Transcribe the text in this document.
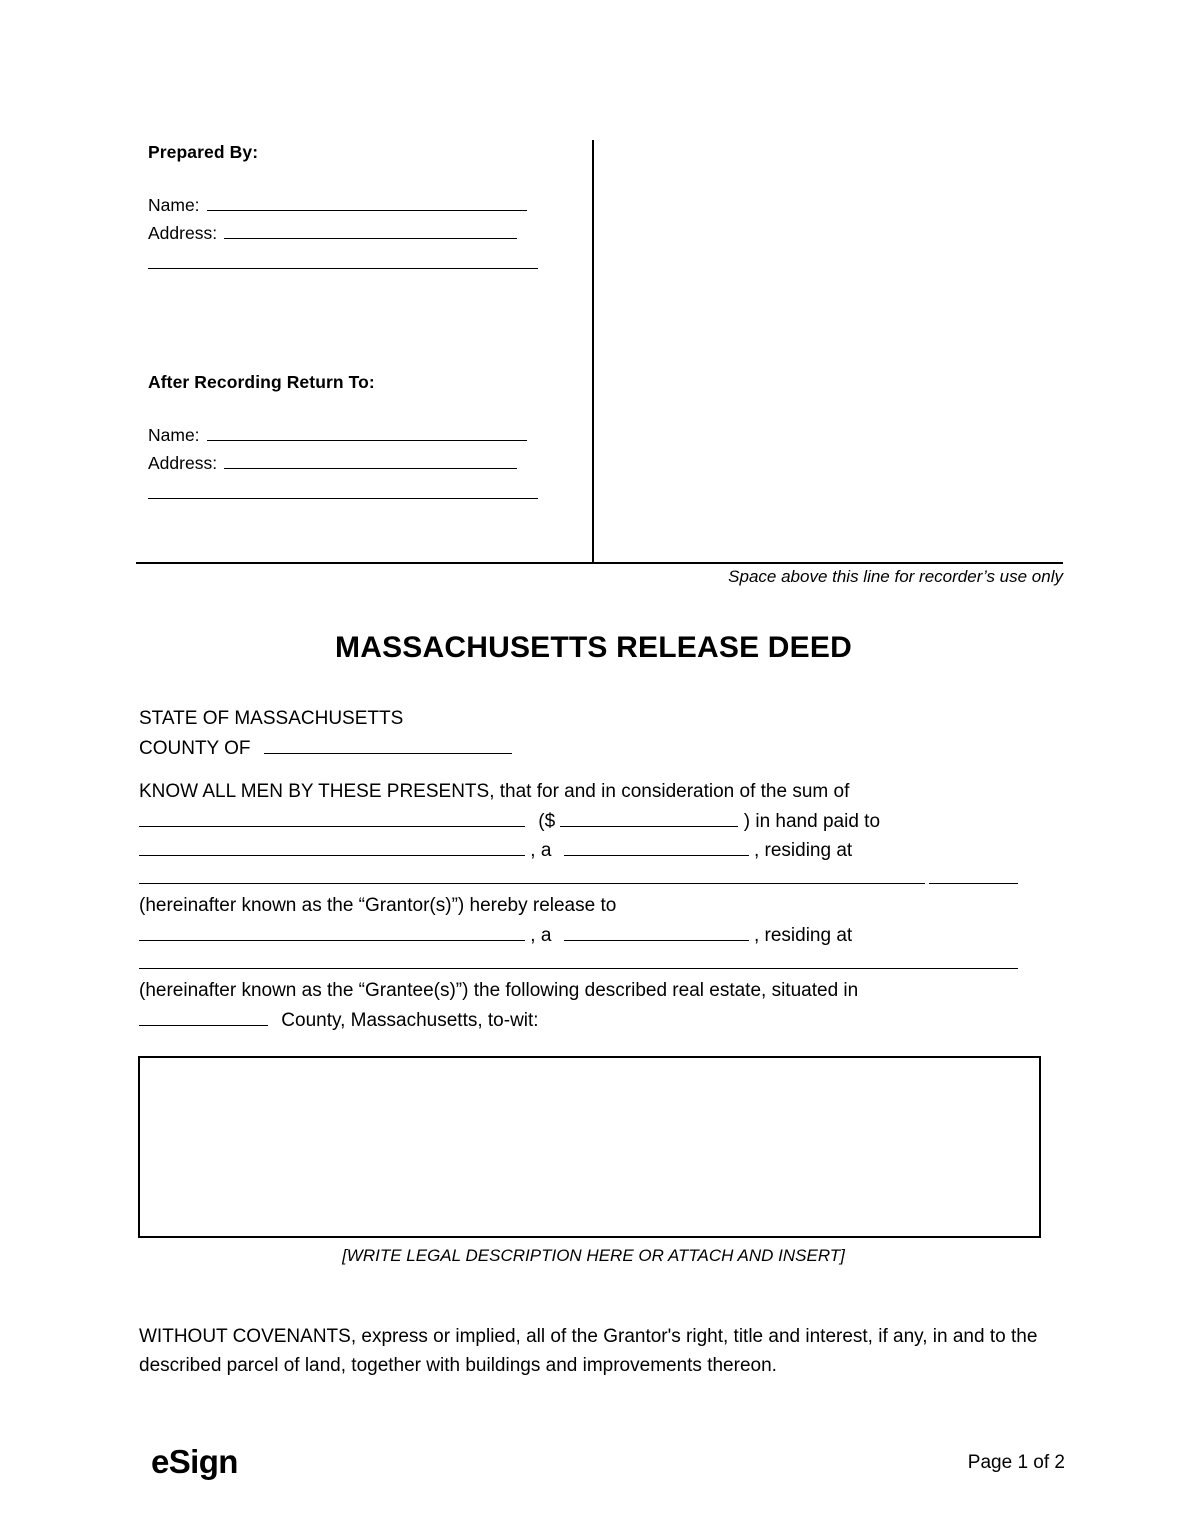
Prepared By:
Name:
Address:
After Recording Return To:
Name:
Address:
Space above this line for recorder’s use only
MASSACHUSETTS RELEASE DEED
STATE OF MASSACHUSETTS
COUNTY OF
KNOW ALL MEN BY THESE PRESENTS, that for and in consideration of the sum of
($	) in hand paid to
, a	, residing at
(hereinafter known as the “Grantor(s)”) hereby release to
, a	, residing at
(hereinafter known as the “Grantee(s)”) the following described real estate, situated in
County, Massachusetts, to-wit:
[WRITE LEGAL DESCRIPTION HERE OR ATTACH AND INSERT]
WITHOUT COVENANTS, express or implied, all of the Grantor's right, title and interest, if any, in and to the described parcel of land, together with buildings and improvements thereon.
eSign	Page 1 of 2
